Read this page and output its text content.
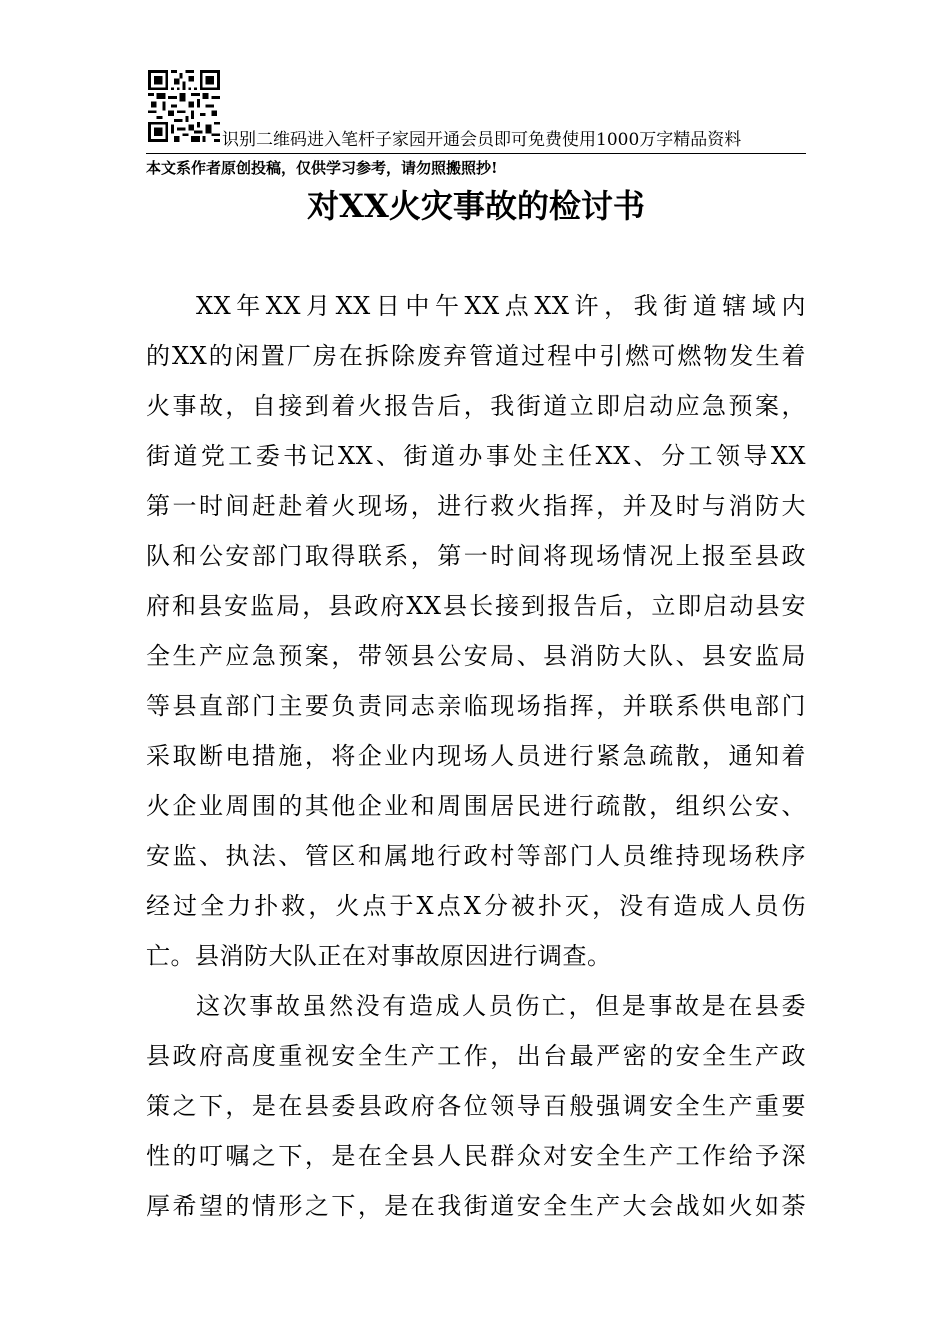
识别二维码进入笔杆子家园开通会员即可免费使用1000万字精品资料
本文系作者原创投稿，仅供学习参考，请勿照搬照抄!
对XX火灾事故的检讨书
XX年XX月XX日中午XX点XX许，我街道辖域内
的XX的闲置厂房在拆除废弃管道过程中引燃可燃物发生着
火事故，自接到着火报告后，我街道立即启动应急预案，
街道党工委书记XX、街道办事处主任XX、分工领导XX
第一时间赶赴着火现场，进行救火指挥，并及时与消防大
队和公安部门取得联系，第一时间将现场情况上报至县政
府和县安监局，县政府XX县长接到报告后，立即启动县安
全生产应急预案，带领县公安局、县消防大队、县安监局
等县直部门主要负责同志亲临现场指挥，并联系供电部门
采取断电措施，将企业内现场人员进行紧急疏散，通知着
火企业周围的其他企业和周围居民进行疏散，组织公安、
安监、执法、管区和属地行政村等部门人员维持现场秩序
经过全力扑救，火点于X点X分被扑灭，没有造成人员伤
亡。县消防大队正在对事故原因进行调查。
这次事故虽然没有造成人员伤亡，但是事故是在县委
县政府高度重视安全生产工作，出台最严密的安全生产政
策之下，是在县委县政府各位领导百般强调安全生产重要
性的叮嘱之下，是在全县人民群众对安全生产工作给予深
厚希望的情形之下，是在我街道安全生产大会战如火如荼
